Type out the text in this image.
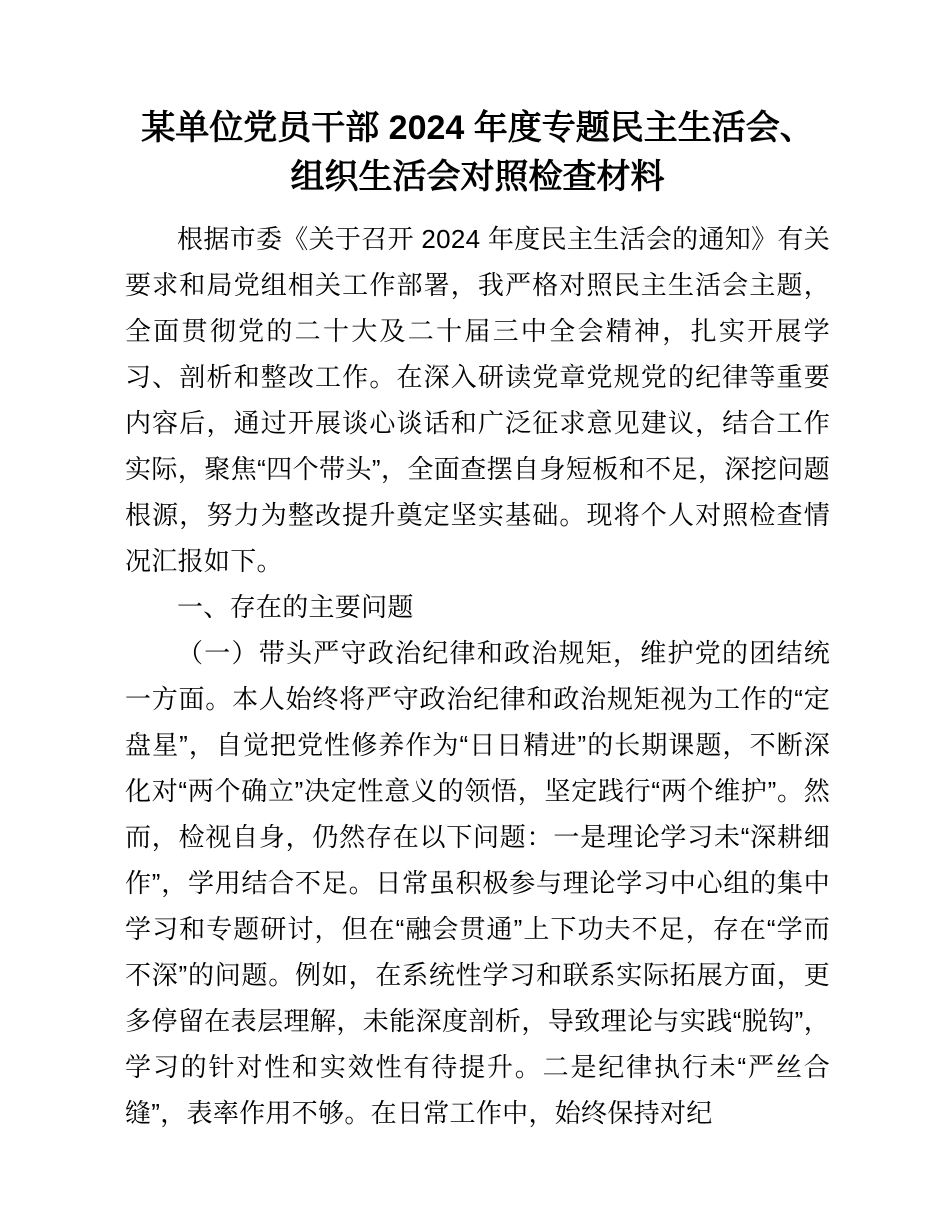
某单位党员干部 2024 年度专题民主生活会、组织生活会对照检查材料

根据市委《关于召开 2024 年度民主生活会的通知》有关要求和局党组相关工作部署，我严格对照民主生活会主题，全面贯彻党的二十大及二十届三中全会精神，扎实开展学习、剖析和整改工作。在深入研读党章党规党的纪律等重要内容后，通过开展谈心谈话和广泛征求意见建议，结合工作实际，聚焦“四个带头”，全面查摆自身短板和不足，深挖问题根源，努力为整改提升奠定坚实基础。现将个人对照检查情况汇报如下。

一、存在的主要问题

（一）带头严守政治纪律和政治规矩，维护党的团结统一方面。本人始终将严守政治纪律和政治规矩视为工作的“定盘星”，自觉把党性修养作为“日日精进”的长期课题，不断深化对“两个确立”决定性意义的领悟，坚定践行“两个维护”。然而，检视自身，仍然存在以下问题：一是理论学习未“深耕细作”，学用结合不足。日常虽积极参与理论学习中心组的集中学习和专题研讨，但在“融会贯通”上下功夫不足，存在“学而不深”的问题。例如，在系统性学习和联系实际拓展方面，更多停留在表层理解，未能深度剖析，导致理论与实践“脱钩”，学习的针对性和实效性有待提升。二是纪律执行未“严丝合缝”，表率作用不够。在日常工作中，始终保持对纪
